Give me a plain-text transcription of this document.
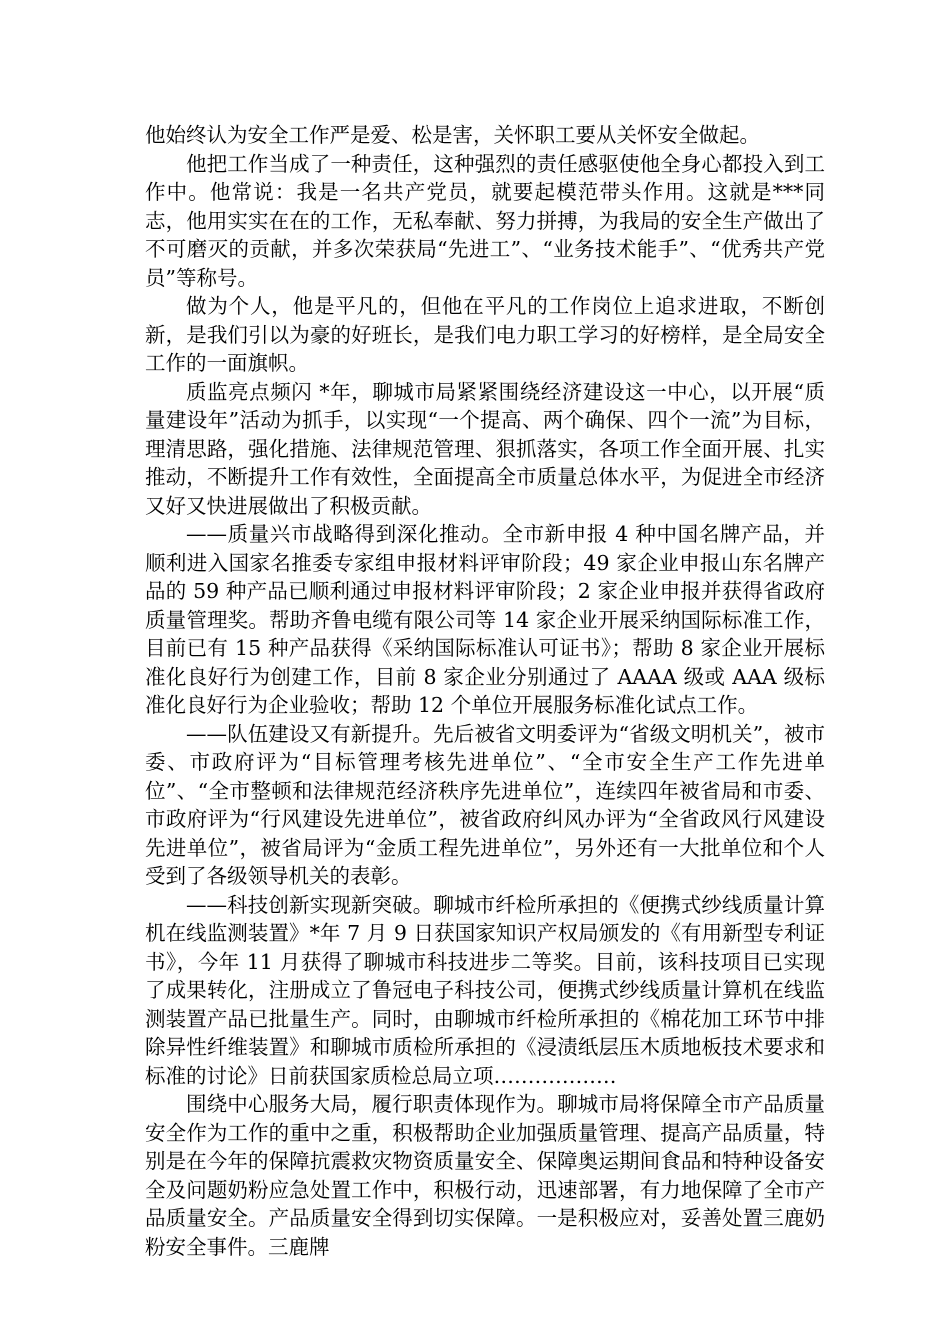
他始终认为安全工作严是爱、松是害，关怀职工要从关怀安全做起。

他把工作当成了一种责任，这种强烈的责任感驱使他全身心都投入到工作中。他常说：我是一名共产党员，就要起模范带头作用。这就是***同志，他用实实在在的工作，无私奉献、努力拼搏，为我局的安全生产做出了不可磨灭的贡献，并多次荣获局“先进工”、“业务技术能手”、“优秀共产党员”等称号。

做为个人，他是平凡的，但他在平凡的工作岗位上追求进取，不断创新，是我们引以为豪的好班长，是我们电力职工学习的好榜样，是全局安全工作的一面旗帜。

质监亮点频闪 *年，聊城市局紧紧围绕经济建设这一中心，以开展“质量建设年”活动为抓手，以实现“一个提高、两个确保、四个一流”为目标，理清思路，强化措施、法律规范管理、狠抓落实，各项工作全面开展、扎实推动，不断提升工作有效性，全面提高全市质量总体水平，为促进全市经济又好又快进展做出了积极贡献。

——质量兴市战略得到深化推动。全市新申报 4 种中国名牌产品，并顺利进入国家名推委专家组申报材料评审阶段；49 家企业申报山东名牌产品的 59 种产品已顺利通过申报材料评审阶段；2 家企业申报并获得省政府质量管理奖。帮助齐鲁电缆有限公司等 14 家企业开展采纳国际标准工作，目前已有 15 种产品获得《采纳国际标准认可证书》；帮助 8 家企业开展标准化良好行为创建工作，目前 8 家企业分别通过了 AAAA 级或 AAA 级标准化良好行为企业验收；帮助 12 个单位开展服务标准化试点工作。

——队伍建设又有新提升。先后被省文明委评为“省级文明机关”，被市委、市政府评为“目标管理考核先进单位”、“全市安全生产工作先进单位”、“全市整顿和法律规范经济秩序先进单位”，连续四年被省局和市委、市政府评为“行风建设先进单位”，被省政府纠风办评为“全省政风行风建设先进单位”，被省局评为“金质工程先进单位”，另外还有一大批单位和个人受到了各级领导机关的表彰。

——科技创新实现新突破。聊城市纤检所承担的《便携式纱线质量计算机在线监测装置》*年 7 月 9 日获国家知识产权局颁发的《有用新型专利证书》，今年 11 月获得了聊城市科技进步二等奖。目前，该科技项目已实现了成果转化，注册成立了鲁冠电子科技公司，便携式纱线质量计算机在线监测装置产品已批量生产。同时，由聊城市纤检所承担的《棉花加工环节中排除异性纤维装置》和聊城市质检所承担的《浸渍纸层压木质地板技术要求和标准的讨论》日前获国家质检总局立项………………

围绕中心服务大局，履行职责体现作为。聊城市局将保障全市产品质量安全作为工作的重中之重，积极帮助企业加强质量管理、提高产品质量，特别是在今年的保障抗震救灾物资质量安全、保障奥运期间食品和特种设备安全及问题奶粉应急处置工作中，积极行动，迅速部署，有力地保障了全市产品质量安全。产品质量安全得到切实保障。一是积极应对，妥善处置三鹿奶粉安全事件。三鹿牌
